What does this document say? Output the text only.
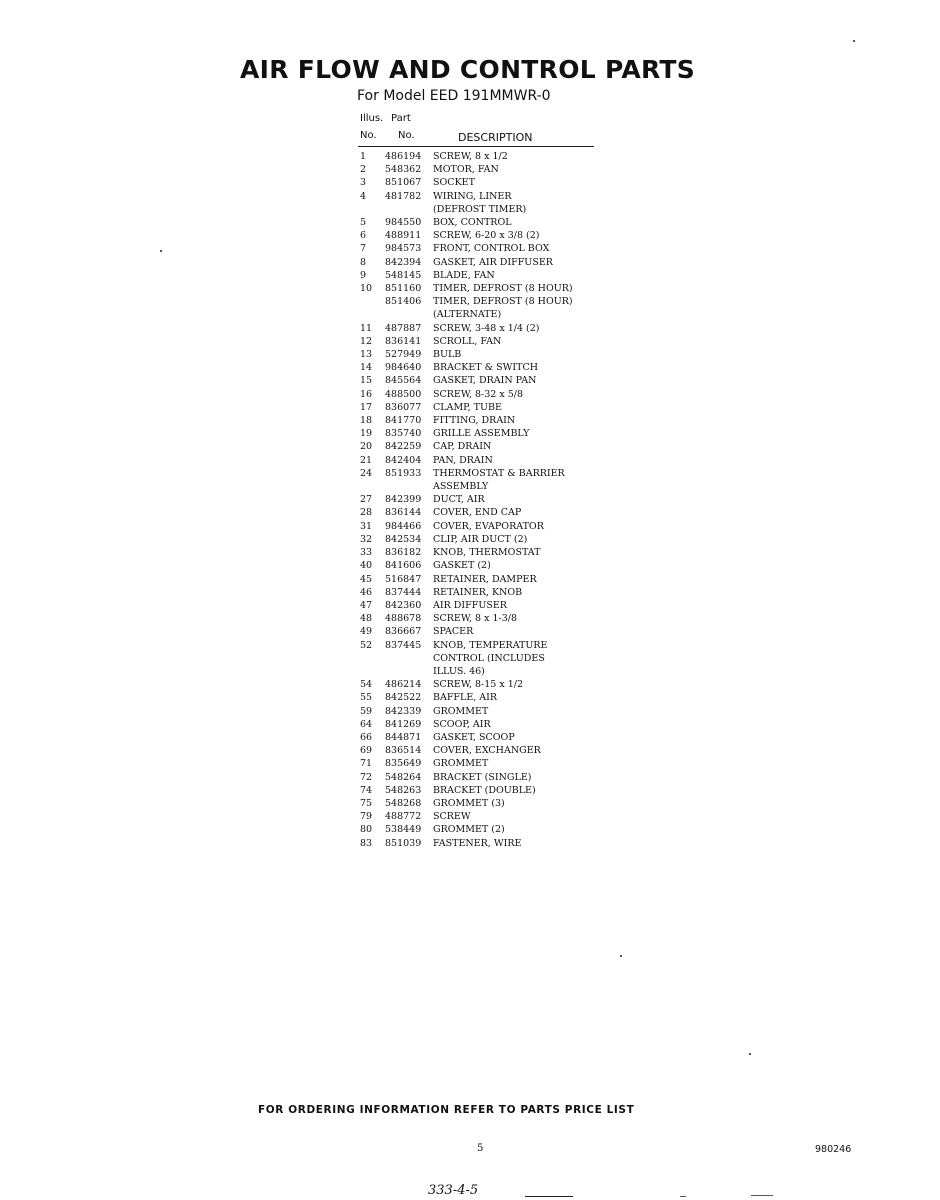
AIR FLOW AND CONTROL PARTS
For Model EED 191MMWR-0
Illus. Part
No. No.	DESCRIPTION
1	486194	SCREW, 8 x 1/2
2	548362	MOTOR, FAN
3	851067	SOCKET
4	481782	WIRING, LINER
(DEFROST TIMER)
5	984550	BOX, CONTROL
6	488911	SCREW, 6-20 x 3/8 (2)
7	984573	FRONT, CONTROL BOX
8	842394	GASKET, AIR DIFFUSER
9	548145	BLADE, FAN
10	851160	TIMER, DEFROST (8 HOUR)
851406	TIMER, DEFROST (8 HOUR)
(ALTERNATE)
11	487887	SCREW, 3-48 x 1/4 (2)
12	836141	SCROLL, FAN
13	527949	BULB
14	984640	BRACKET & SWITCH
15	845564	GASKET, DRAIN PAN
16	488500	SCREW, 8-32 x 5/8
17	836077	CLAMP, TUBE
18	841770	FITTING, DRAIN
19	835740	GRILLE ASSEMBLY
20	842259	CAP, DRAIN
21	842404	PAN, DRAIN
24	851933	THERMOSTAT & BARRIER
ASSEMBLY
27	842399	DUCT, AIR
28	836144	COVER, END CAP
31	984466	COVER, EVAPORATOR
32	842534	CLIP, AIR DUCT (2)
33	836182	KNOB, THERMOSTAT
40	841606	GASKET (2)
45	516847	RETAINER, DAMPER
46	837444	RETAINER, KNOB
47	842360	AIR DIFFUSER
48	488678	SCREW, 8 x 1-3/8
49	836667	SPACER
52	837445	KNOB, TEMPERATURE
CONTROL (INCLUDES
ILLUS. 46)
54	486214	SCREW, 8-15 x 1/2
55	842522	BAFFLE, AIR
59	842339	GROMMET
64	841269	SCOOP, AIR
66	844871	GASKET, SCOOP
69	836514	COVER, EXCHANGER
71	835649	GROMMET
72	548264	BRACKET (SINGLE)
74	548263	BRACKET (DOUBLE)
75	548268	GROMMET (3)
79	488772	SCREW
80	538449	GROMMET (2)
83	851039	FASTENER, WIRE
FOR ORDERING INFORMATION REFER TO PARTS PRICE LIST
5	980246
333-4-5
